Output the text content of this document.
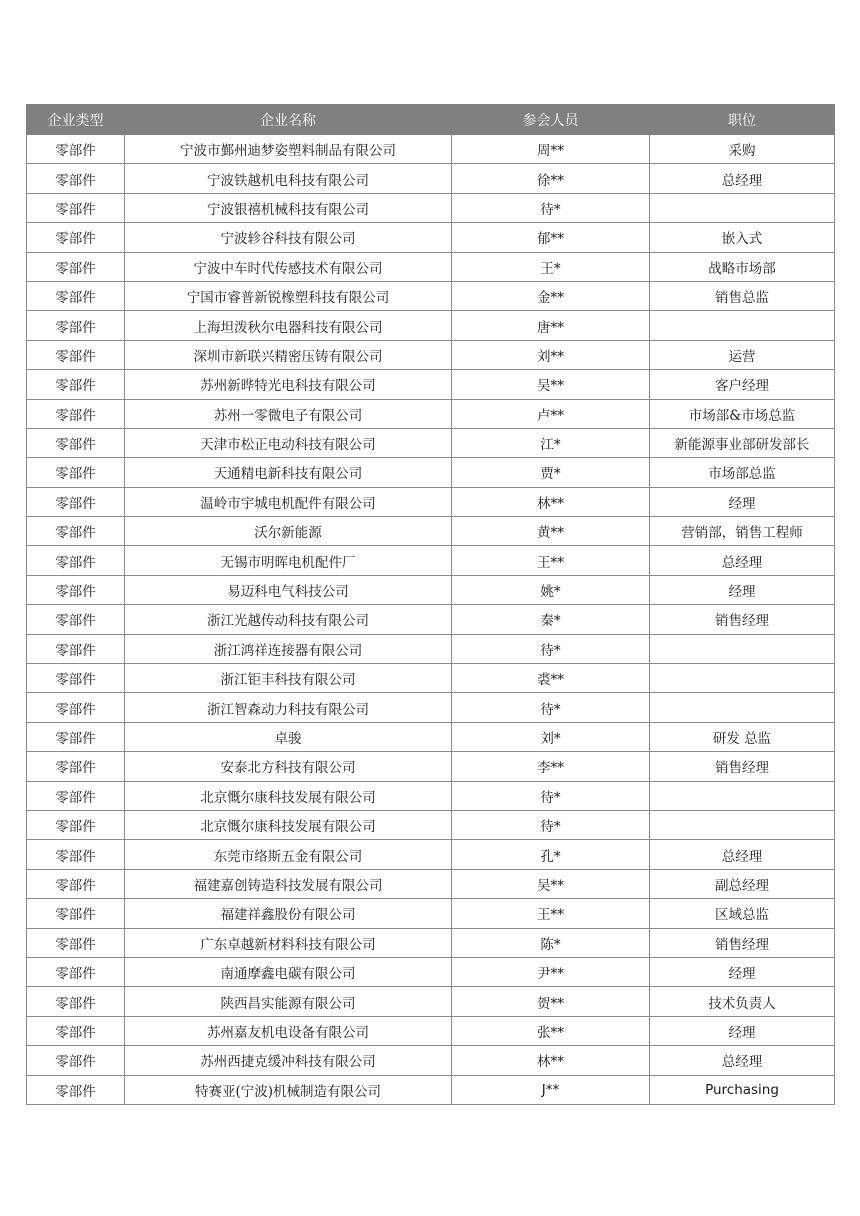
企业类型	企业名称	参会人员	职位
零部件	宁波市鄞州迪梦姿塑料制品有限公司	周**	采购
零部件	宁波铁越机电科技有限公司	徐**	总经理
零部件	宁波银禧机械科技有限公司	待*	
零部件	宁波轸谷科技有限公司	郁**	嵌入式
零部件	宁波中车时代传感技术有限公司	王*	战略市场部
零部件	宁国市睿普新锐橡塑科技有限公司	金**	销售总监
零部件	上海坦泼秋尔电器科技有限公司	唐**	
零部件	深圳市新联兴精密压铸有限公司	刘**	运营
零部件	苏州新晔特光电科技有限公司	吴**	客户经理
零部件	苏州一零微电子有限公司	卢**	市场部&市场总监
零部件	天津市松正电动科技有限公司	江*	新能源事业部研发部长
零部件	天通精电新科技有限公司	贾*	市场部总监
零部件	温岭市宇城电机配件有限公司	林**	经理
零部件	沃尔新能源	黄**	营销部，销售工程师
零部件	无锡市明晖电机配件厂	王**	总经理
零部件	易迈科电气科技公司	姚*	经理
零部件	浙江光越传动科技有限公司	秦*	销售经理
零部件	浙江鸿祥连接器有限公司	待*	
零部件	浙江钜丰科技有限公司	裘**	
零部件	浙江智森动力科技有限公司	待*	
零部件	卓骏	刘*	研发 总监
零部件	安泰北方科技有限公司	李**	销售经理
零部件	北京慨尔康科技发展有限公司	待*	
零部件	北京慨尔康科技发展有限公司	待*	
零部件	东莞市络斯五金有限公司	孔*	总经理
零部件	福建嘉创铸造科技发展有限公司	吴**	副总经理
零部件	福建祥鑫股份有限公司	王**	区域总监
零部件	广东卓越新材料科技有限公司	陈*	销售经理
零部件	南通摩鑫电碳有限公司	尹**	经理
零部件	陕西昌实能源有限公司	贺**	技术负责人
零部件	苏州嘉友机电设备有限公司	张**	经理
零部件	苏州西捷克缓冲科技有限公司	林**	总经理
零部件	特赛亚(宁波)机械制造有限公司	J**	Purchasing
